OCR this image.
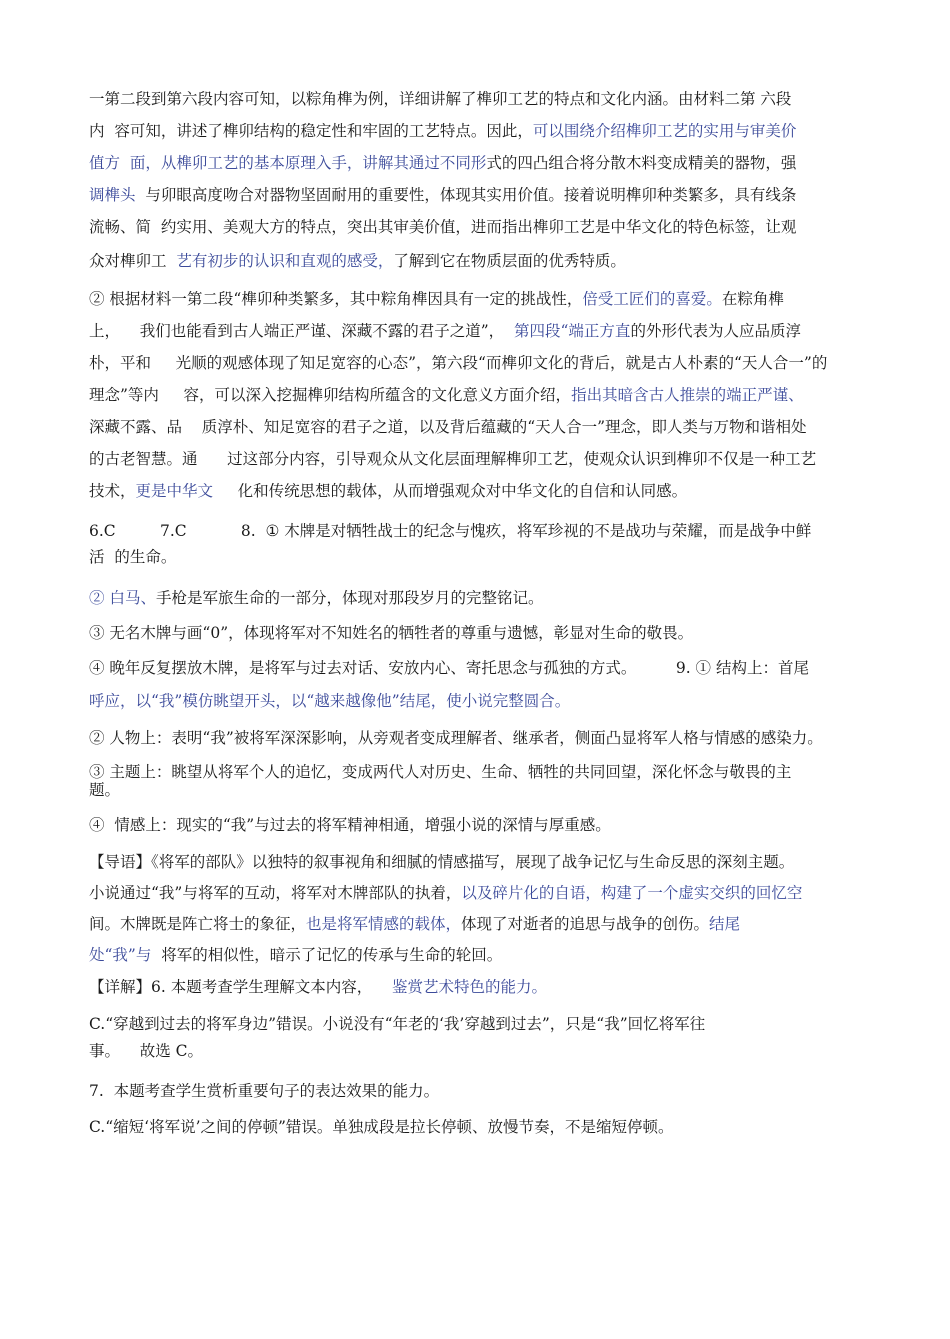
一第二段到第六段内容可知，以粽角榫为例，详细讲解了榫卯工艺的特点和文化内涵。由材料二第 六段
内  容可知，讲述了榫卯结构的稳定性和牢固的工艺特点。因此，可以围绕介绍榫卯工艺的实用与审美价
值方  面，从榫卯工艺的基本原理入手，讲解其通过不同形式的四凸组合将分散木料变成精美的器物，强
调榫头  与卯眼高度吻合对器物坚固耐用的重要性，体现其实用价值。接着说明榫卯种类繁多，具有线条
流畅、简  约实用、美观大方的特点，突出其审美价值，进而指出榫卯工艺是中华文化的特色标签，让观
众对榫卯工  艺有初步的认识和直观的感受，了解到它在物质层面的优秀特质。
② 根据材料一第二段“榫卯种类繁多，其中粽角榫因具有一定的挑战性，倍受工匠们的喜爱。在粽角榫
上，    我们也能看到古人端正严谨、深藏不露的君子之道”，  第四段“端正方直的外形代表为人应品质淳
朴，平和     光顺的观感体现了知足宽容的心态”，第六段“而榫卯文化的背后，就是古人朴素的“天人合一”的
理念”等内     容，可以深入挖掘榫卯结构所蕴含的文化意义方面介绍，指出其暗含古人推崇的端正严谨、
深藏不露、品    质淳朴、知足宽容的君子之道，以及背后蕴藏的“天人合一”理念，即人类与万物和谐相处
的古老智慧。通      过这部分内容，引导观众从文化层面理解榫卯工艺，使观众认识到榫卯不仅是一种工艺
技术，更是中华文     化和传统思想的载体，从而增强观众对中华文化的自信和认同感。
6.C         7.C           8.  ① 木牌是对牺牲战士的纪念与愧疚，将军珍视的不是战功与荣耀，而是战争中鲜
活  的生命。
② 白马、手枪是军旅生命的一部分，体现对那段岁月的完整铭记。
③ 无名木牌与画“0”，体现将军对不知姓名的牺牲者的尊重与遗憾，彰显对生命的敬畏。
④ 晚年反复摆放木牌，是将军与过去对话、安放内心、寄托思念与孤独的方式。        9. ① 结构上：首尾
呼应，以“我”模仿眺望开头，以“越来越像他”结尾，使小说完整圆合。
② 人物上：表明“我”被将军深深影响，从旁观者变成理解者、继承者，侧面凸显将军人格与情感的感染力。
③ 主题上：眺望从将军个人的追忆，变成两代人对历史、生命、牺牲的共同回望，深化怀念与敬畏的主
题。
④  情感上：现实的“我”与过去的将军精神相通，增强小说的深情与厚重感。
【导语】《将军的部队》以独特的叙事视角和细腻的情感描写，展现了战争记忆与生命反思的深刻主题。
小说通过“我”与将军的互动，将军对木牌部队的执着，以及碎片化的自语，构建了一个虚实交织的回忆空
间。木牌既是阵亡将士的象征，也是将军情感的载体，体现了对逝者的追思与战争的创伤。结尾
处“我”与  将军的相似性，暗示了记忆的传承与生命的轮回。
【详解】6. 本题考查学生理解文本内容，    鉴赏艺术特色的能力。
C.“穿越到过去的将军身边”错误。小说没有“年老的‘我’穿越到过去”，只是“我”回忆将军往
事。    故选 C。
7.  本题考查学生赏析重要句子的表达效果的能力。
C.“缩短‘将军说’之间的停顿”错误。单独成段是拉长停顿、放慢节奏，不是缩短停顿。
